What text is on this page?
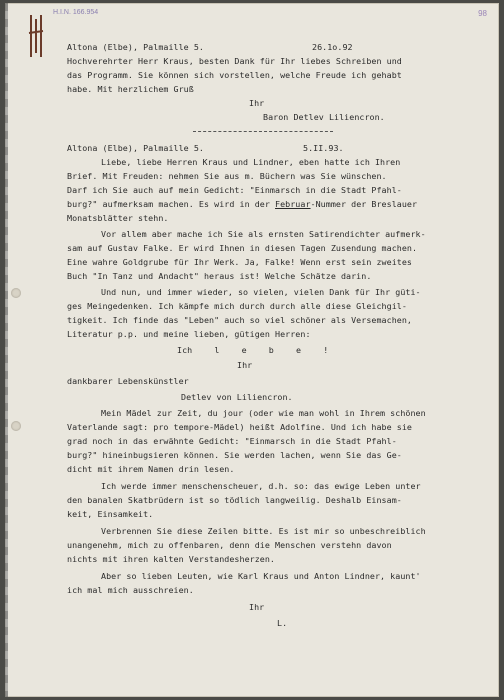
H.I.N. 166.954	98
Altona (Elbe), Palmaille 5.	26.1o.92
Hochverehrter Herr Kraus, besten Dank für Ihr liebes Schreiben und
das Programm. Sie können sich vorstellen, welche Freude ich gehabt
habe. Mit herzlichem Gruß
Ihr
Baron Detlev Liliencron.
Altona (Elbe), Palmaille 5.	5.II.93.
Liebe, liebe Herren Kraus und Lindner, eben hatte ich Ihren
Brief. Mit Freuden: nehmen Sie aus m. Büchern was Sie wünschen.
Darf ich Sie auch auf mein Gedicht: "Einmarsch in die Stadt Pfahl-
burg?" aufmerksam machen. Es wird in der Februar-Nummer der Breslauer
Monatsblätter stehn.
Vor allem aber mache ich Sie als ernsten Satirendichter aufmerk-
sam auf Gustav Falke. Er wird Ihnen in diesen Tagen Zusendung machen.
Eine wahre Goldgrube für Ihr Werk. Ja, Falke! Wenn erst sein zweites
Buch "In Tanz und Andacht" heraus ist! Welche Schätze darin.
Und nun, und immer wieder, so vielen, vielen Dank für Ihr güti-
ges Meingedenken. Ich kämpfe mich durch durch alle diese Gleichgil-
tigkeit. Ich finde das "Leben" auch so viel schöner als Versemachen,
Literatur p.p. und meine lieben, gütigen Herren:
Ich  l  e  b  e  !
Ihr
dankbarer Lebenskünstler
Detlev von Liliencron.
Mein Mädel zur Zeit, du jour (oder wie man wohl in Ihrem schönen
Vaterlande sagt: pro tempore-Mädel) heißt Adolfine. Und ich habe sie
grad noch in das erwähnte Gedicht: "Einmarsch in die Stadt Pfahl-
burg?" hineinbugsieren können. Sie werden lachen, wenn Sie das Ge-
dicht mit ihrem Namen drin lesen.
Ich werde immer menschenscheuer, d.h. so: das ewige Leben unter
den banalen Skatbrüdern ist so tödlich langweilig. Deshalb Einsam-
keit, Einsamkeit.
Verbrennen Sie diese Zeilen bitte. Es ist mir so unbeschreiblich
unangenehm, mich zu offenbaren, denn die Menschen verstehn davon
nichts mit ihren kalten Verstandesherzen.
Aber so lieben Leuten, wie Karl Kraus und Anton Lindner, kaunt'
ich mal mich ausschreien.
Ihr
L.
